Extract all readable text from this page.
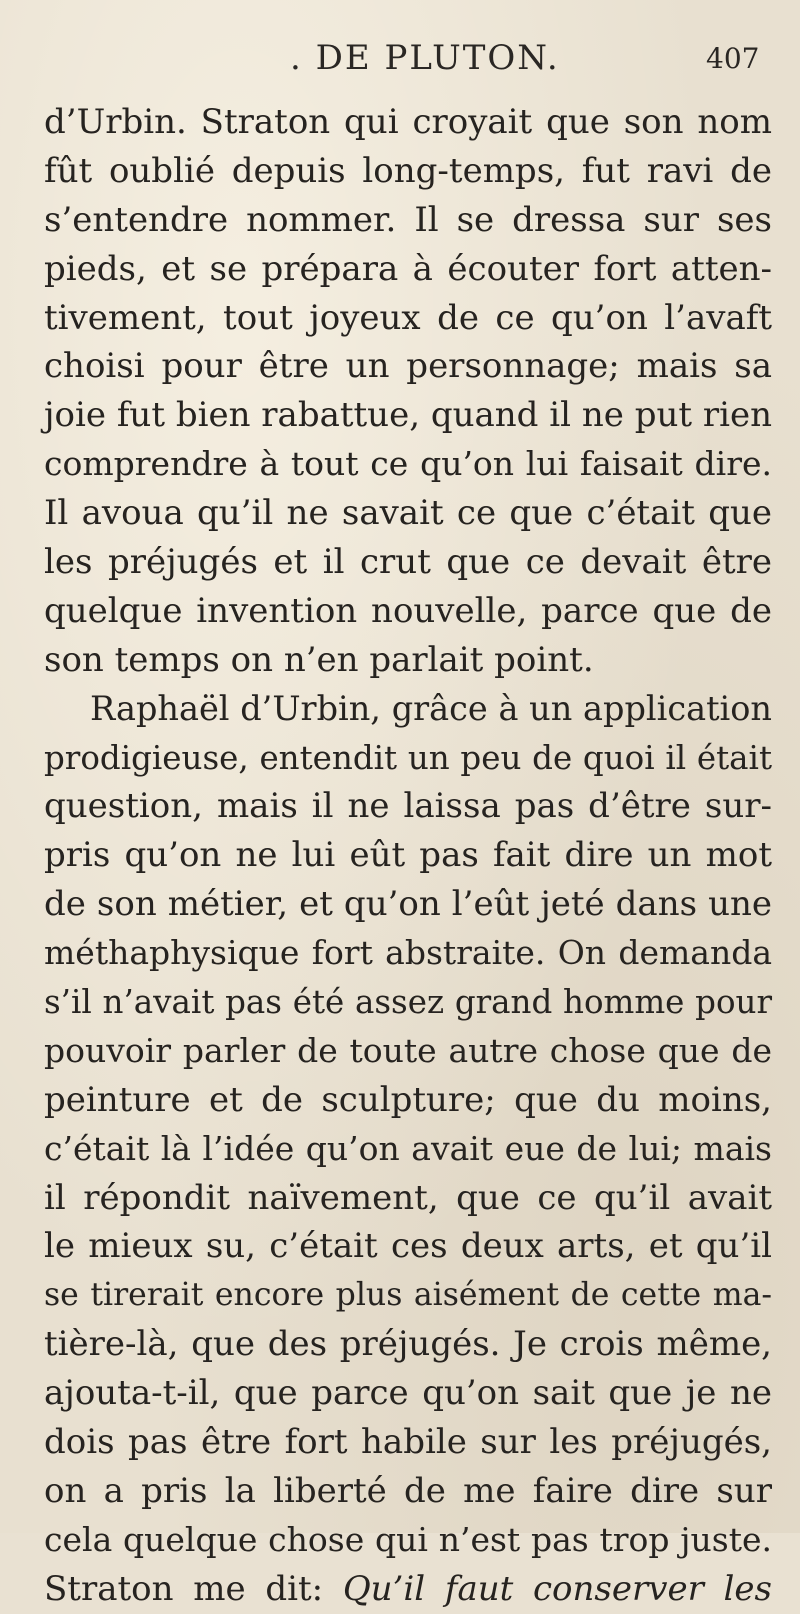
. DE PLUTON.	407
d’Urbin. Straton qui croyait que son nom
fût oublié depuis long-temps, fut ravi de
s’entendre nommer. Il se dressa sur ses
pieds, et se prépara à écouter fort atten-
tivement, tout joyeux de ce qu’on l’avaft
choisi pour être un personnage; mais sa
joie fut bien rabattue, quand il ne put rien
comprendre à tout ce qu’on lui faisait dire.
Il avoua qu’il ne savait ce que c’était que
les préjugés et il crut que ce devait être
quelque invention nouvelle, parce que de
son temps on n’en parlait point.
Raphaël d’Urbin, grâce à un application
prodigieuse, entendit un peu de quoi il était
question, mais il ne laissa pas d’être sur-
pris qu’on ne lui eût pas fait dire un mot
de son métier, et qu’on l’eût jeté dans une
méthaphysique fort abstraite. On demanda
s’il n’avait pas été assez grand homme pour
pouvoir parler de toute autre chose que de
peinture et de sculpture; que du moins,
c’était là l’idée qu’on avait eue de lui; mais
il répondit naïvement, que ce qu’il avait
le mieux su, c’était ces deux arts, et qu’il
se tirerait encore plus aisément de cette ma-
tière-là, que des préjugés. Je crois même,
ajouta-t-il, que parce qu’on sait que je ne
dois pas être fort habile sur les préjugés,
on a pris la liberté de me faire dire sur
cela quelque chose qui n’est pas trop juste.
Straton me dit: Qu’il faut conserver les
